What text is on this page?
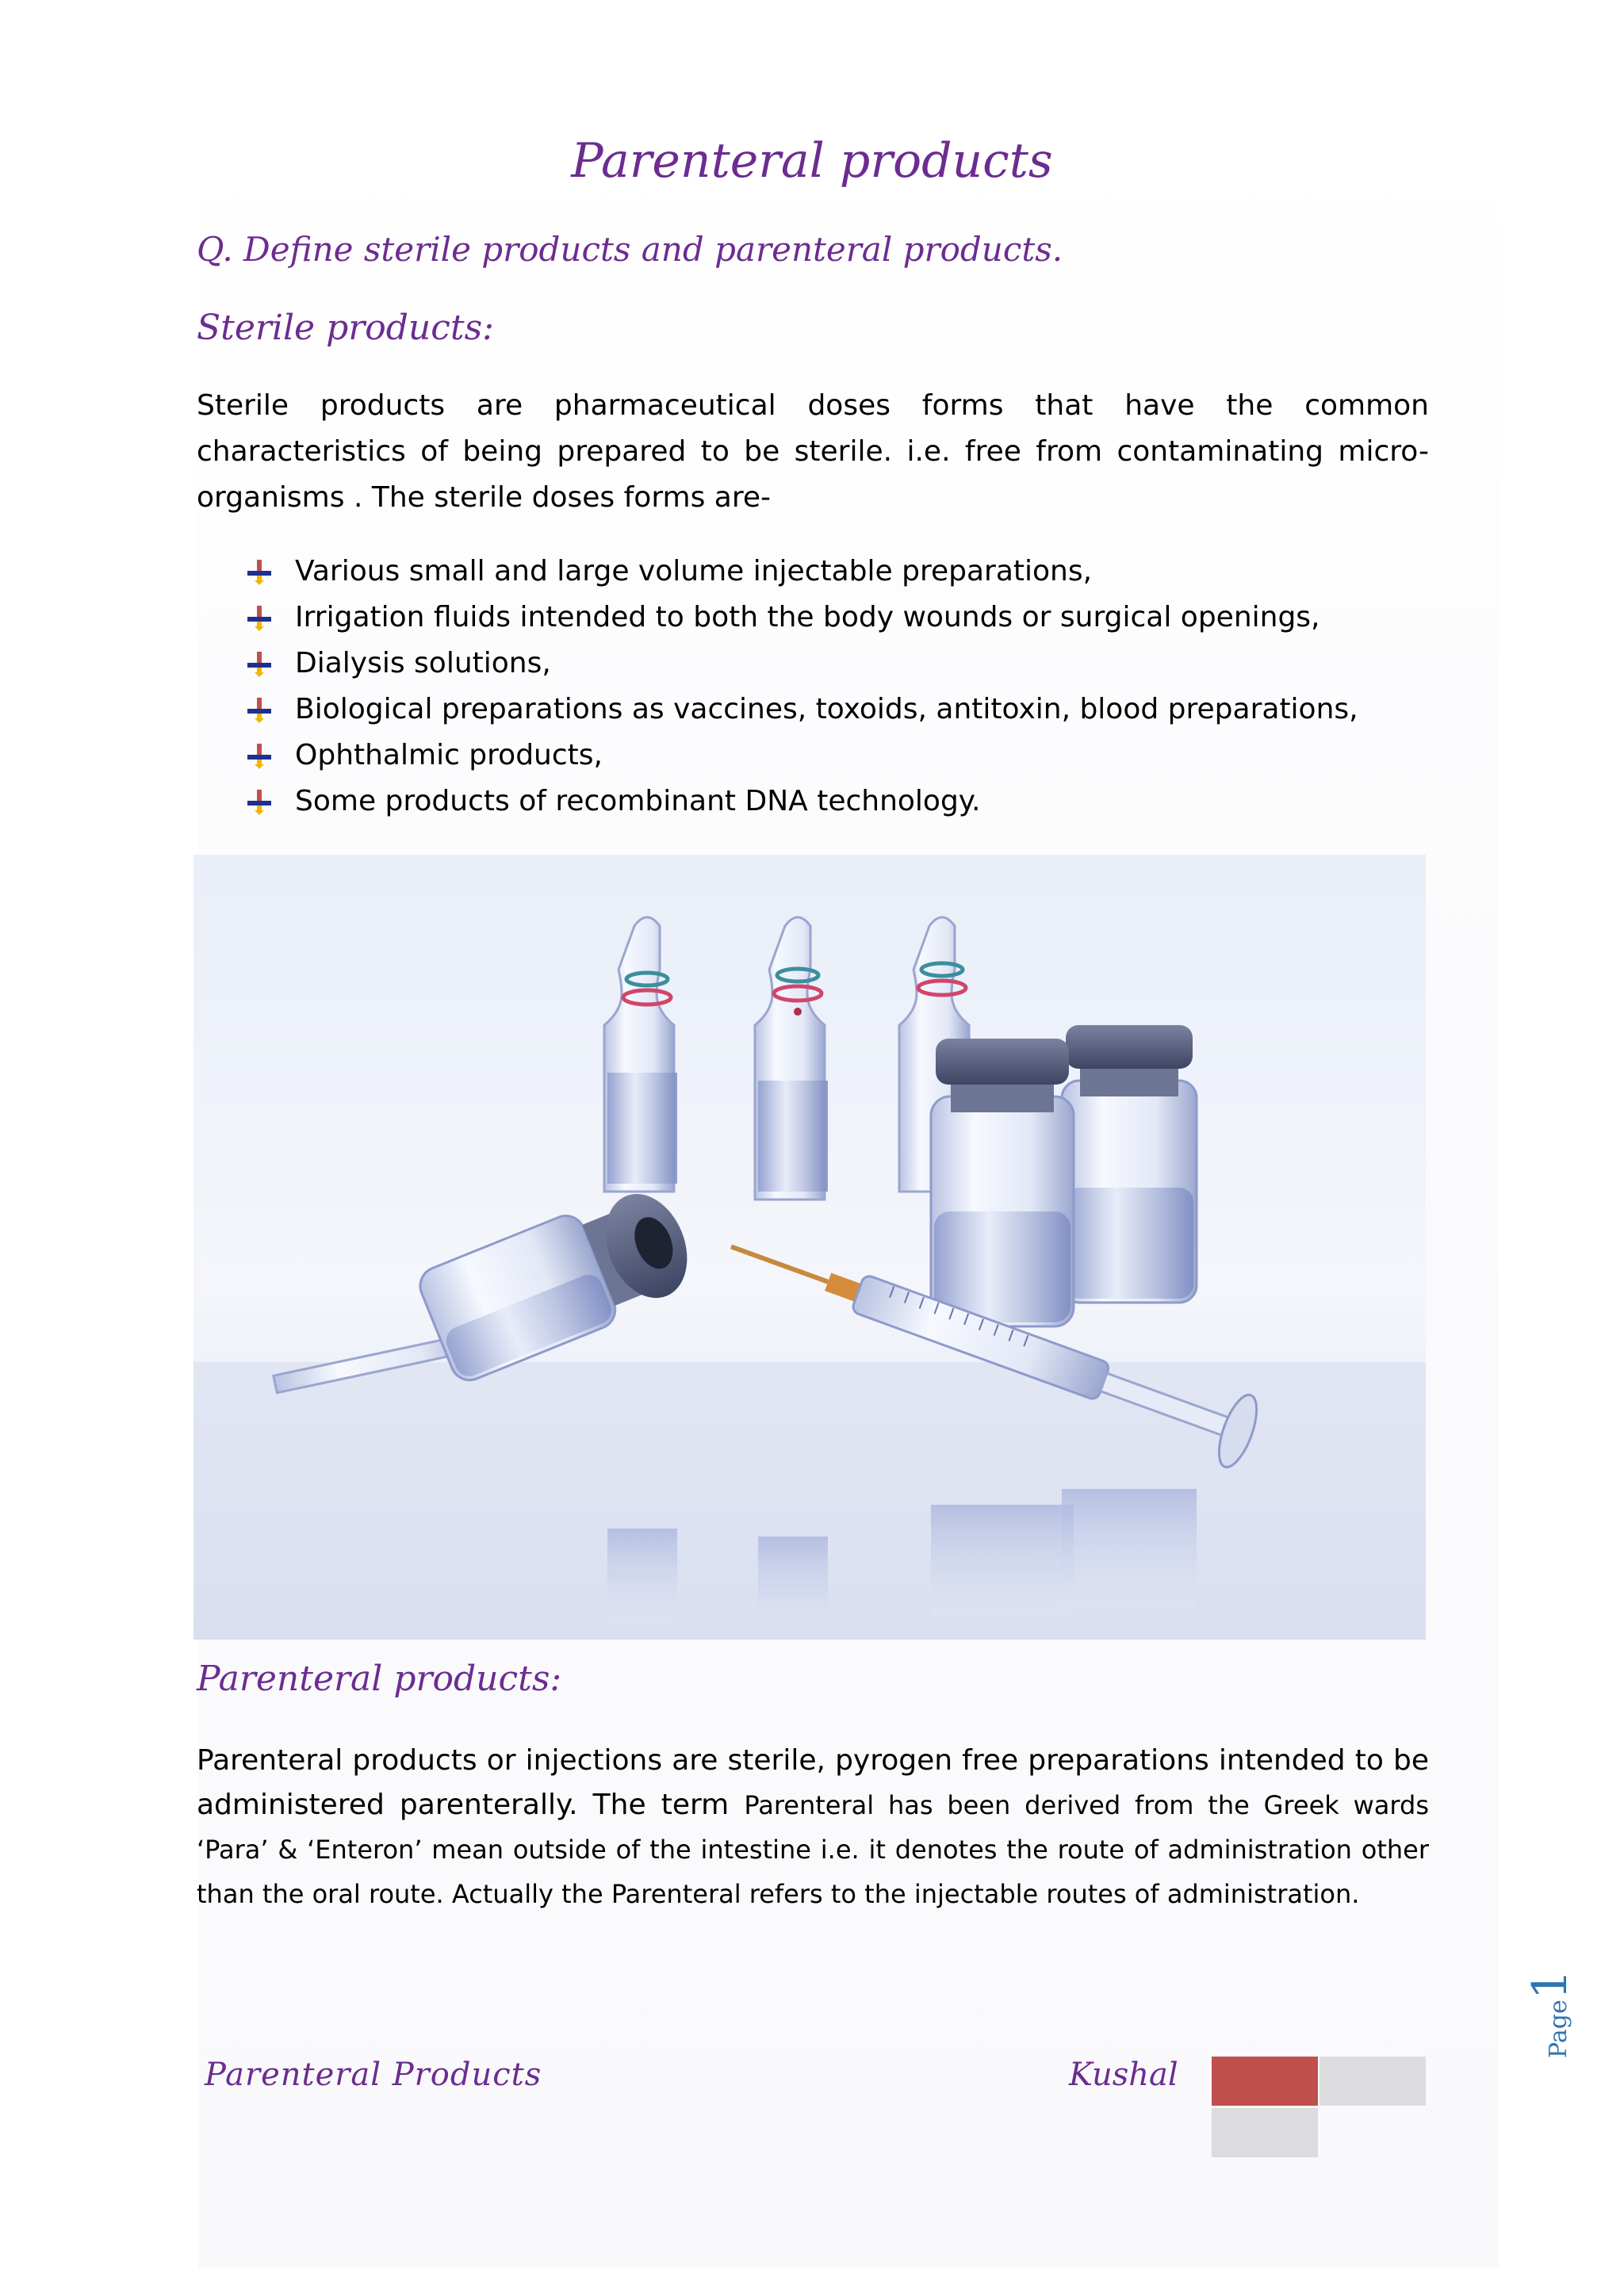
Parenteral products
Q. Define sterile products and parenteral products.
Sterile products:

Sterile products are pharmaceutical doses forms that have the common characteristics of being prepared to be sterile. i.e. free from contaminating micro-organisms . The sterile doses forms are-

Various small and large volume injectable preparations,
Irrigation fluids intended to both the body wounds or surgical openings,
Dialysis solutions,
Biological preparations as vaccines, toxoids, antitoxin, blood preparations,
Ophthalmic products,
Some products of recombinant DNA technology.
Parenteral products:

Parenteral products or injections are sterile, pyrogen free preparations intended to be administered parenterally. The term Parenteral has been derived from the Greek wards ‘Para’ & ‘Enteron’ mean outside of the intestine i.e. it denotes the route of administration other than the oral route. Actually the Parenteral refers to the injectable routes of administration.

Parenteral Products	Kushal
Page1
